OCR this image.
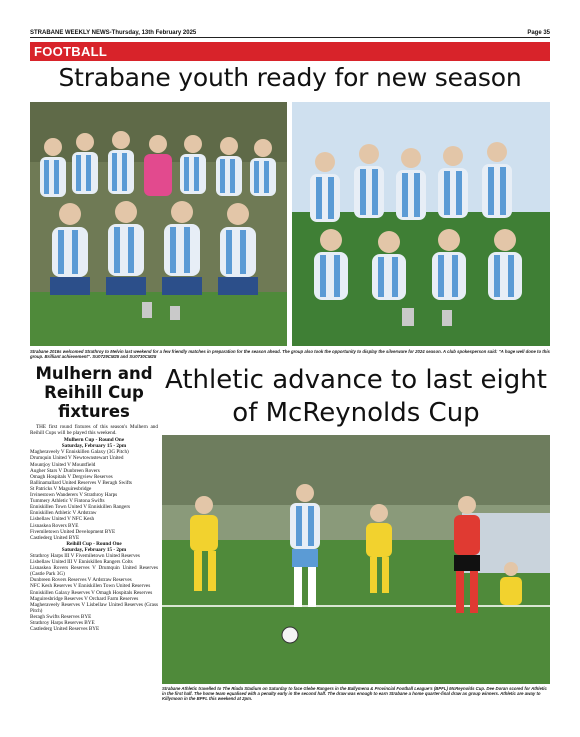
STRABANE WEEKLY NEWS-Thursday, 13th February 2025	Page 35
FOOTBALL
Strabane youth ready for new season
Strabane 2016s welcomed Strathroy to Melvin last weekend for a few friendly matches in preparation for the season ahead. The group also took the opportunity to display the silverware for 2024 season. A club spokesperson said: "A huge well done to this group. Brilliant achievement". SU0729CM25 and SU0730CM25
Mulhern and Reihill Cup fixtures
Athletic advance to last eight of McReynolds Cup

THE first round fixtures of this season's Mulhern and Reihill Cups will be played this weekend.

Mulhern Cup - Round One

Saturday, February 15 - 2pm

Magheraveely V Enniskillen Galaxy (3G Pitch)

Drumquin United V Newtownstewart United

Mountjoy United V Mountfield

Augher Stars V Dunbreen Rovers

Omagh Hospitals V Dergview Reserves

Ballinamallard United Reserves V Beragh Swifts

St Patricks V Maguiresbridge

Irvinestown Wanderers V Strathroy Harps

Tummery Athletic V Fintona Swifts

Enniskillen Town United V Enniskillen Rangers

Enniskillen Athletic V Ardstraw

Lisbellaw United V NFC Kesh

Lisnaskea Rovers BYE

Fivemiletown United Development BYE

Castlederg United BYE

Reihill Cup - Round One

Saturday, February 15 - 2pm

Strathroy Harps III V Fivemiletown United Reserves

Lisbellaw United III V Enniskillen Rangers Colts

Lisnaskea Rovers Reserves V Drumquin United Reserves (Castle Park 3G)

Dunbreen Rovers Reserves V Ardstraw Reserves

NFC Kesh Reserves V Enniskillen Town United Reserves

Enniskillen Galaxy Reserves V Omagh Hospitals Reserves

Maguiresbridge Reserves V Orchard Farm Reserves

Magheraveely Reserves V Lisbellaw United Reserves (Grass Pitch)

Beragh Swifts Reserves BYE

Strathroy Harps Reserves BYE

Castlederg United Reserves BYE

Strabane Athletic travelled to The Riada Stadium on Saturday to face Glebe Rangers in the Ballymena & Provincial Football League's (BPFL) McReynolds Cup. Dee Doran scored for Athletic in the first half. The home team equalised with a penalty early in the second half. The draw was enough to earn Strabane a home quarter-final draw as group winners. Athletic are away to Killymoon in the BPFL this weekend at 2pm.
